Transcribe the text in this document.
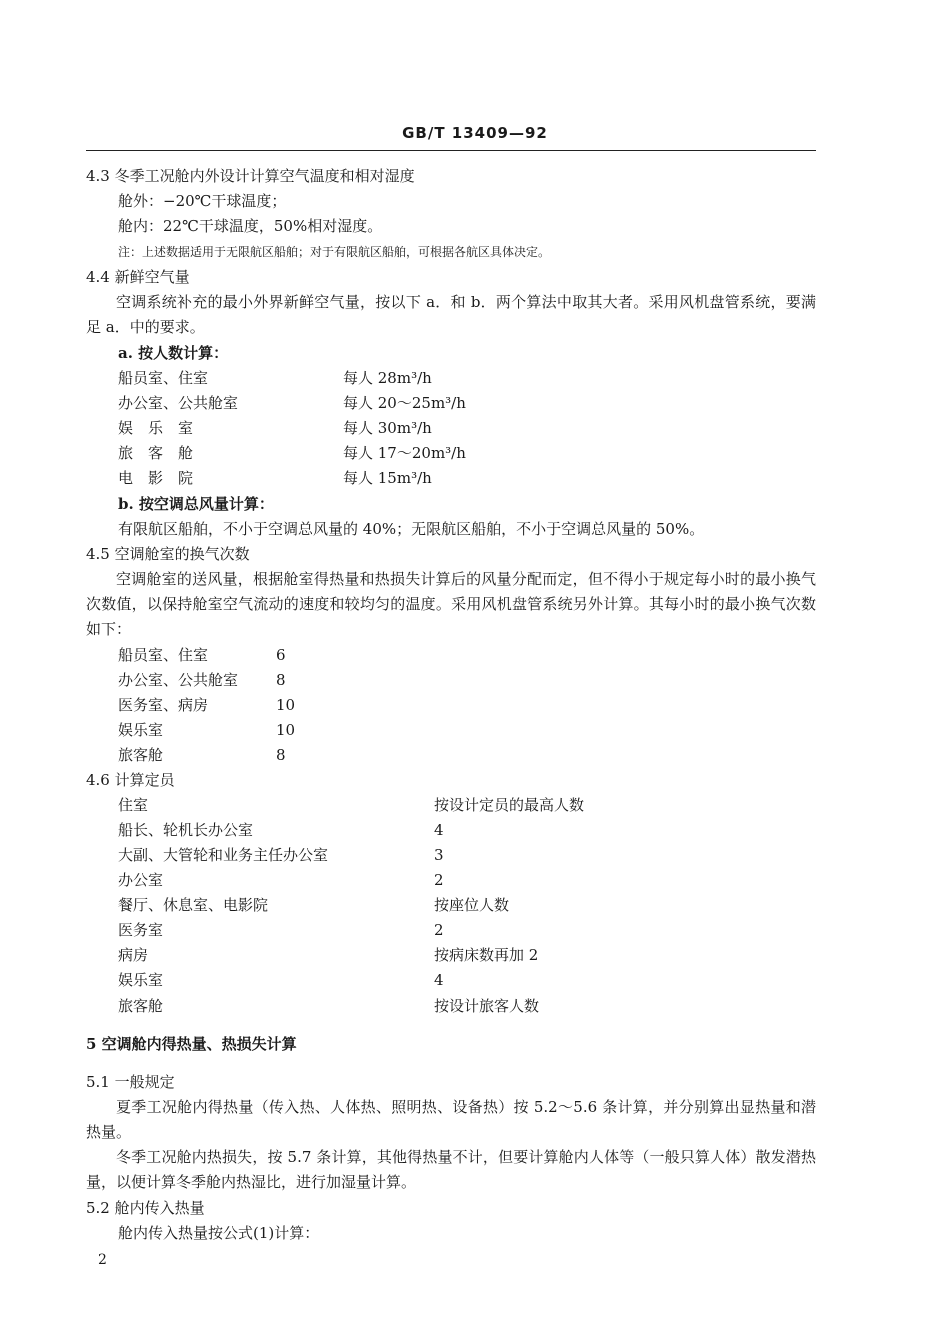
GB/T 13409—92
4.3 冬季工况舱内外设计计算空气温度和相对湿度
舱外：−20℃干球温度；
舱内：22℃干球温度，50%相对湿度。
注：上述数据适用于无限航区船舶；对于有限航区船舶，可根据各航区具体决定。
4.4 新鲜空气量
空调系统补充的最小外界新鲜空气量，按以下 a．和 b．两个算法中取其大者。采用风机盘管系统，要满足 a．中的要求。
a. 按人数计算：
船员室、住室	每人 28m³/h
办公室、公共舱室	每人 20～25m³/h
娱　乐　室	每人 30m³/h
旅　客　舱	每人 17～20m³/h
电　影　院	每人 15m³/h
b. 按空调总风量计算：
有限航区船舶，不小于空调总风量的 40%；无限航区船舶，不小于空调总风量的 50%。
4.5 空调舱室的换气次数
空调舱室的送风量，根据舱室得热量和热损失计算后的风量分配而定，但不得小于规定每小时的最小换气次数值，以保持舱室空气流动的速度和较均匀的温度。采用风机盘管系统另外计算。其每小时的最小换气次数如下：
船员室、住室	6
办公室、公共舱室	8
医务室、病房	10
娱乐室	10
旅客舱	8
4.6 计算定员
住室	按设计定员的最高人数
船长、轮机长办公室	4
大副、大管轮和业务主任办公室	3
办公室	2
餐厅、休息室、电影院	按座位人数
医务室	2
病房	按病床数再加 2
娱乐室	4
旅客舱	按设计旅客人数
5 空调舱内得热量、热损失计算
5.1 一般规定
夏季工况舱内得热量（传入热、人体热、照明热、设备热）按 5.2～5.6 条计算，并分别算出显热量和潜热量。
冬季工况舱内热损失，按 5.7 条计算，其他得热量不计，但要计算舱内人体等（一般只算人体）散发潜热量，以便计算冬季舱内热湿比，进行加湿量计算。
5.2 舱内传入热量
舱内传入热量按公式(1)计算：
2
